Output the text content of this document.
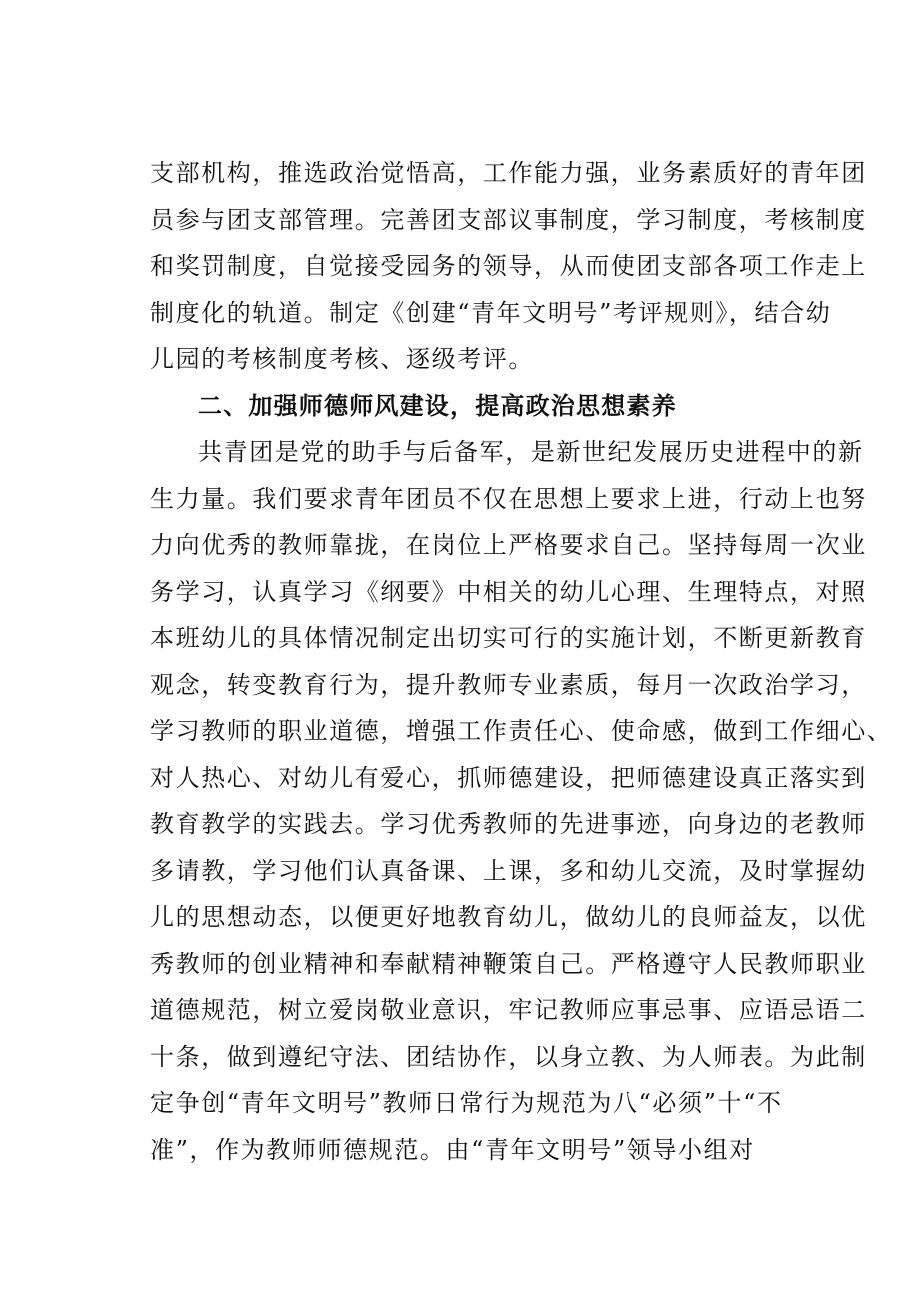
支部机构，推选政治觉悟高，工作能力强，业务素质好的青年团
员参与团支部管理。完善团支部议事制度，学习制度，考核制度
和奖罚制度，自觉接受园务的领导，从而使团支部各项工作走上
制度化的轨道。制定《创建“青年文明号”考评规则》，结合幼
儿园的考核制度考核、逐级考评。
二、加强师德师风建设，提高政治思想素养
共青团是党的助手与后备军，是新世纪发展历史进程中的新
生力量。我们要求青年团员不仅在思想上要求上进，行动上也努
力向优秀的教师靠拢，在岗位上严格要求自己。坚持每周一次业
务学习，认真学习《纲要》中相关的幼儿心理、生理特点，对照
本班幼儿的具体情况制定出切实可行的实施计划，不断更新教育
观念，转变教育行为，提升教师专业素质，每月一次政治学习，
学习教师的职业道德，增强工作责任心、使命感，做到工作细心、
对人热心、对幼儿有爱心，抓师德建设，把师德建设真正落实到
教育教学的实践去。学习优秀教师的先进事迹，向身边的老教师
多请教，学习他们认真备课、上课，多和幼儿交流，及时掌握幼
儿的思想动态，以便更好地教育幼儿，做幼儿的良师益友，以优
秀教师的创业精神和奉献精神鞭策自己。严格遵守人民教师职业
道德规范，树立爱岗敬业意识，牢记教师应事忌事、应语忌语二
十条，做到遵纪守法、团结协作，以身立教、为人师表。为此制
定争创“青年文明号”教师日常行为规范为八“必须”十“不
准”，作为教师师德规范。由“青年文明号”领导小组对
